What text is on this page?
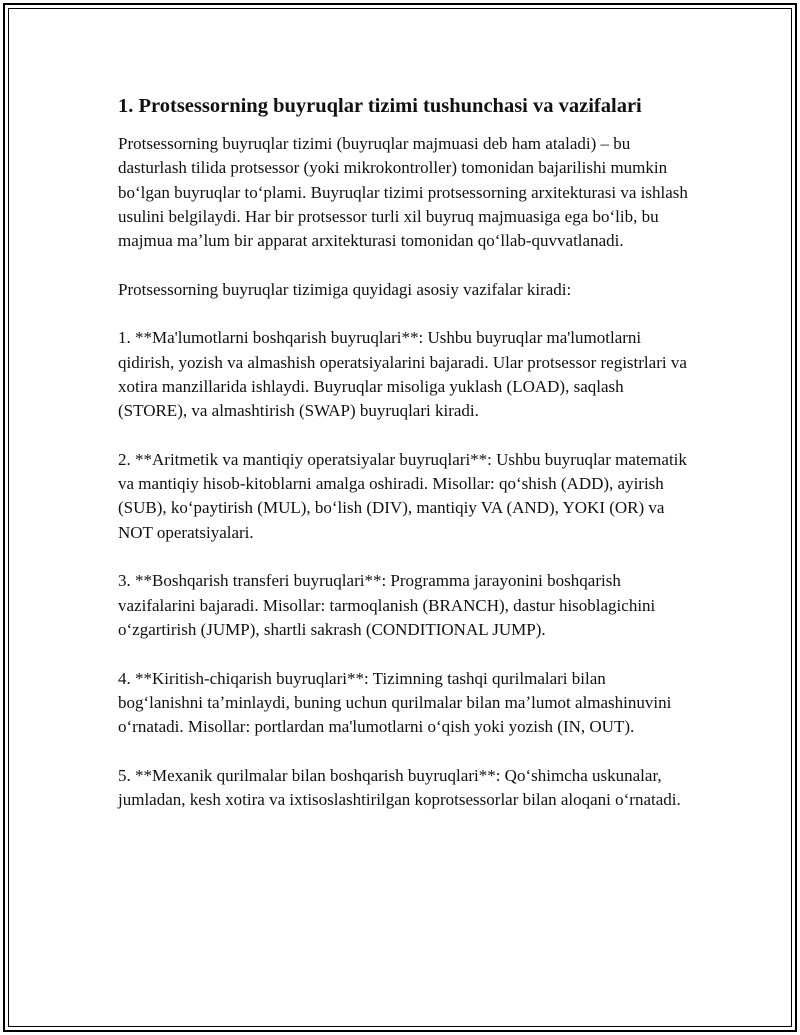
1. Protsessorning buyruqlar tizimi tushunchasi va vazifalari

Protsessorning buyruqlar tizimi (buyruqlar majmuasi deb ham ataladi) – bu dasturlash tilida protsessor (yoki mikrokontroller) tomonidan bajarilishi mumkin boʻlgan buyruqlar toʻplami. Buyruqlar tizimi protsessorning arxitekturasi va ishlash usulini belgilaydi. Har bir protsessor turli xil buyruq majmuasiga ega boʻlib, bu majmua maʼlum bir apparat arxitekturasi tomonidan qoʻllab-quvvatlanadi.

Protsessorning buyruqlar tizimiga quyidagi asosiy vazifalar kiradi:

1. **Ma'lumotlarni boshqarish buyruqlari**: Ushbu buyruqlar ma'lumotlarni qidirish, yozish va almashish operatsiyalarini bajaradi. Ular protsessor registrlari va xotira manzillarida ishlaydi. Buyruqlar misoliga yuklash (LOAD), saqlash (STORE), va almashtirish (SWAP) buyruqlari kiradi.

2. **Aritmetik va mantiqiy operatsiyalar buyruqlari**: Ushbu buyruqlar matematik va mantiqiy hisob-kitoblarni amalga oshiradi. Misollar: qoʻshish (ADD), ayirish (SUB), koʻpaytirish (MUL), boʻlish (DIV), mantiqiy VA (AND), YOKI (OR) va NOT operatsiyalari.

3. **Boshqarish transferi buyruqlari**: Programma jarayonini boshqarish vazifalarini bajaradi. Misollar: tarmoqlanish (BRANCH), dastur hisoblagichini oʻzgartirish (JUMP), shartli sakrash (CONDITIONAL JUMP).

4. **Kiritish-chiqarish buyruqlari**: Tizimning tashqi qurilmalari bilan bogʻlanishni taʼminlaydi, buning uchun qurilmalar bilan maʼlumot almashinuvini oʻrnatadi. Misollar: portlardan ma'lumotlarni oʻqish yoki yozish (IN, OUT).

5. **Mexanik qurilmalar bilan boshqarish buyruqlari**: Qoʻshimcha uskunalar, jumladan, kesh xotira va ixtisoslashtirilgan koprotsessorlar bilan aloqani oʻrnatadi.
